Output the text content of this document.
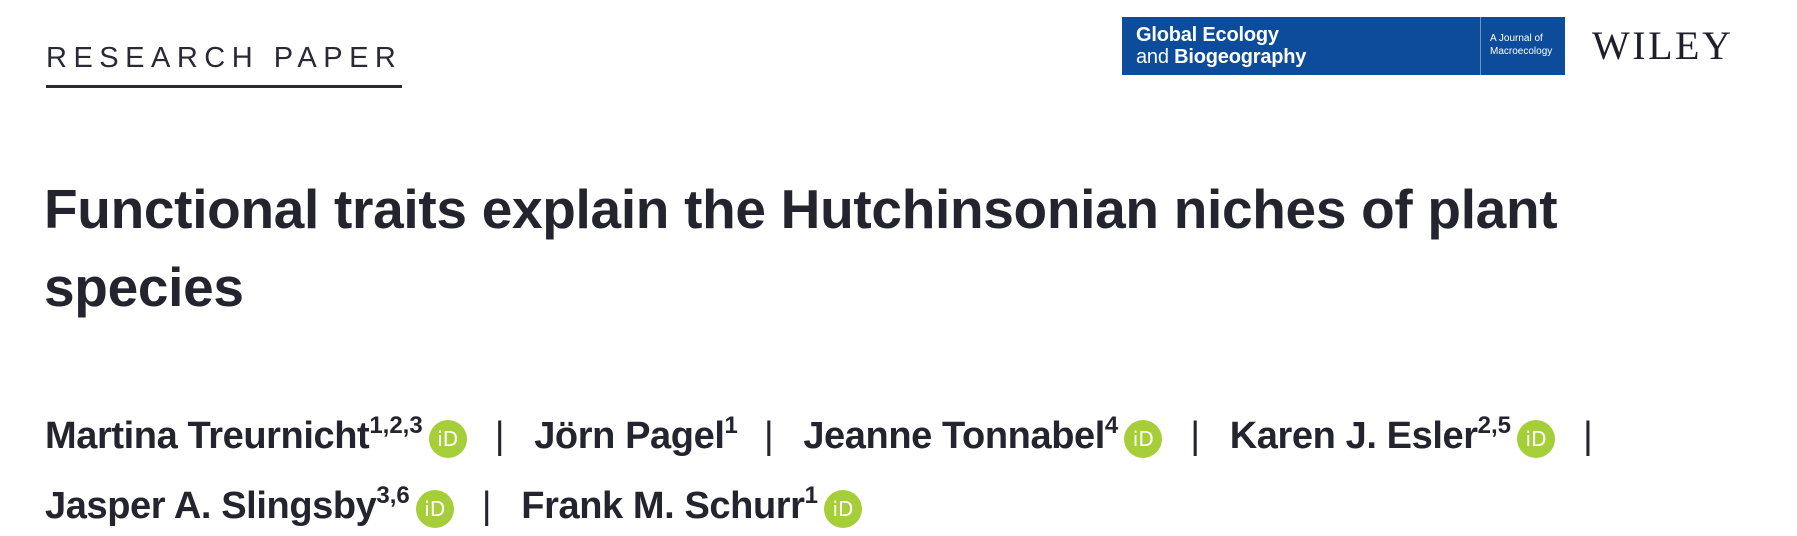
RESEARCH PAPER
Global Ecology
and Biogeography
A Journal of
Macroecology WILEY
Functional traits explain the Hutchinsonian niches of plant species
Martina Treurnicht$^{1,2,3}$ iD | Jörn Pagel$^1$ | Jeanne Tonnabel$^4$ iD | Karen J. Esler$^{2,5}$ iD |
Jasper A. Slingsby$^{3,6}$ iD | Frank M. Schurr$^1$ iD
